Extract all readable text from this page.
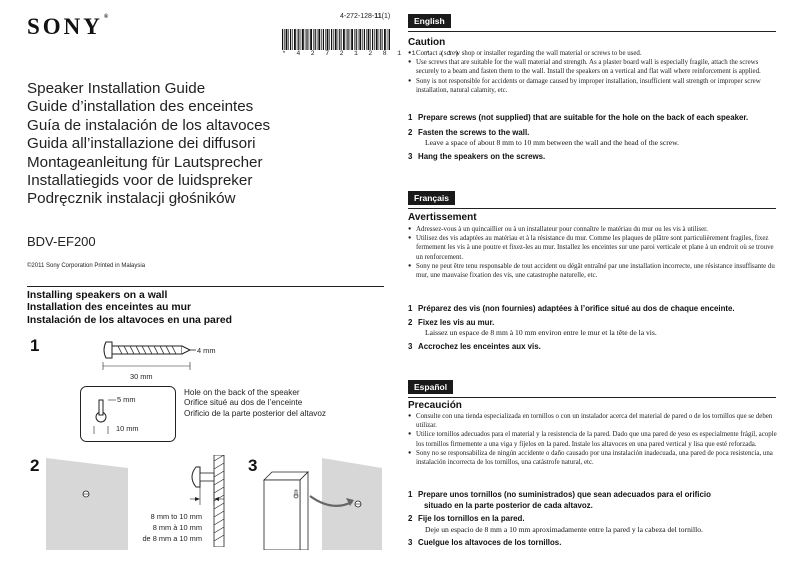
SONY®	4-272-128-11(1)
* 4 2 7 2 1 2 8 1 1 * (1)
Speaker Installation Guide
Guide d’installation des enceintes
Guía de instalación de los altavoces
Guida all’installazione dei diffusori
Montageanleitung für Lautsprecher
Installatiegids voor de luidspreker
Podręcznik instalacji głośników
BDV-EF200
©2011 Sony Corporation Printed in Malaysia
Installing speakers on a wall
Installation des enceintes au mur
Instalación de los altavoces en una pared
1	4 mm
30 mm
5 mm
10 mm
Hole on the back of the speaker
Orifice situé au dos de l’enceinte
Orificio de la parte posterior del altavoz
2
8 mm to 10 mm
8 mm à 10 mm
de 8 mm a 10 mm
3
English
Caution
● Contact a screw shop or installer regarding the wall material or screws to be used.
● Use screws that are suitable for the wall material and strength. As a plaster board wall is especially fragile, attach the screws securely to a beam and fasten them to the wall. Install the speakers on a vertical and flat wall where reinforcement is applied.
● Sony is not responsible for accidents or damage caused by improper installation, insufficient wall strength or improper screw installation, natural calamity, etc.
1 Prepare screws (not supplied) that are suitable for the hole on the back of each speaker.
2 Fasten the screws to the wall.
Leave a space of about 8 mm to 10 mm between the wall and the head of the screw.
3 Hang the speakers on the screws.
Français
Avertissement
● Adressez-vous à un quincaillier ou à un installateur pour connaître le matériau du mur ou les vis à utiliser.
● Utilisez des vis adaptées au matériau et à la résistance du mur. Comme les plaques de plâtre sont particulièrement fragiles, fixez fermement les vis à une poutre et fixez-les au mur. Installez les enceintes sur une paroi verticale et plane à un endroit où se trouve un renforcement.
● Sony ne peut être tenu responsable de tout accident ou dégât entraîné par une installation incorrecte, une résistance insuffisante du mur, une mauvaise fixation des vis, une catastrophe naturelle, etc.
1 Préparez des vis (non fournies) adaptées à l’orifice situé au dos de chaque enceinte.
2 Fixez les vis au mur.
Laissez un espace de 8 mm à 10 mm environ entre le mur et la tête de la vis.
3 Accrochez les enceintes aux vis.
Español
Precaución
● Consulte con una tienda especializada en tornillos o con un instalador acerca del material de pared o de los tornillos que se deben utilizar.
● Utilice tornillos adecuados para el material y la resistencia de la pared. Dado que una pared de yeso es especialmente frágil, acople los tornillos firmemente a una viga y fíjelos en la pared. Instale los altavoces en una pared vertical y lisa que esté reforzada.
● Sony no se responsabiliza de ningún accidente o daño causado por una instalación inadecuada, una pared de poca resistencia, una instalación incorrecta de los tornillos, una catástrofe natural, etc.
1 Prepare unos tornillos (no suministrados) que sean adecuados para el orificio
situado en la parte posterior de cada altavoz.
2 Fije los tornillos en la pared.
Deje un espacio de 8 mm a 10 mm aproximadamente entre la pared y la cabeza del tornillo.
3 Cuelgue los altavoces de los tornillos.
